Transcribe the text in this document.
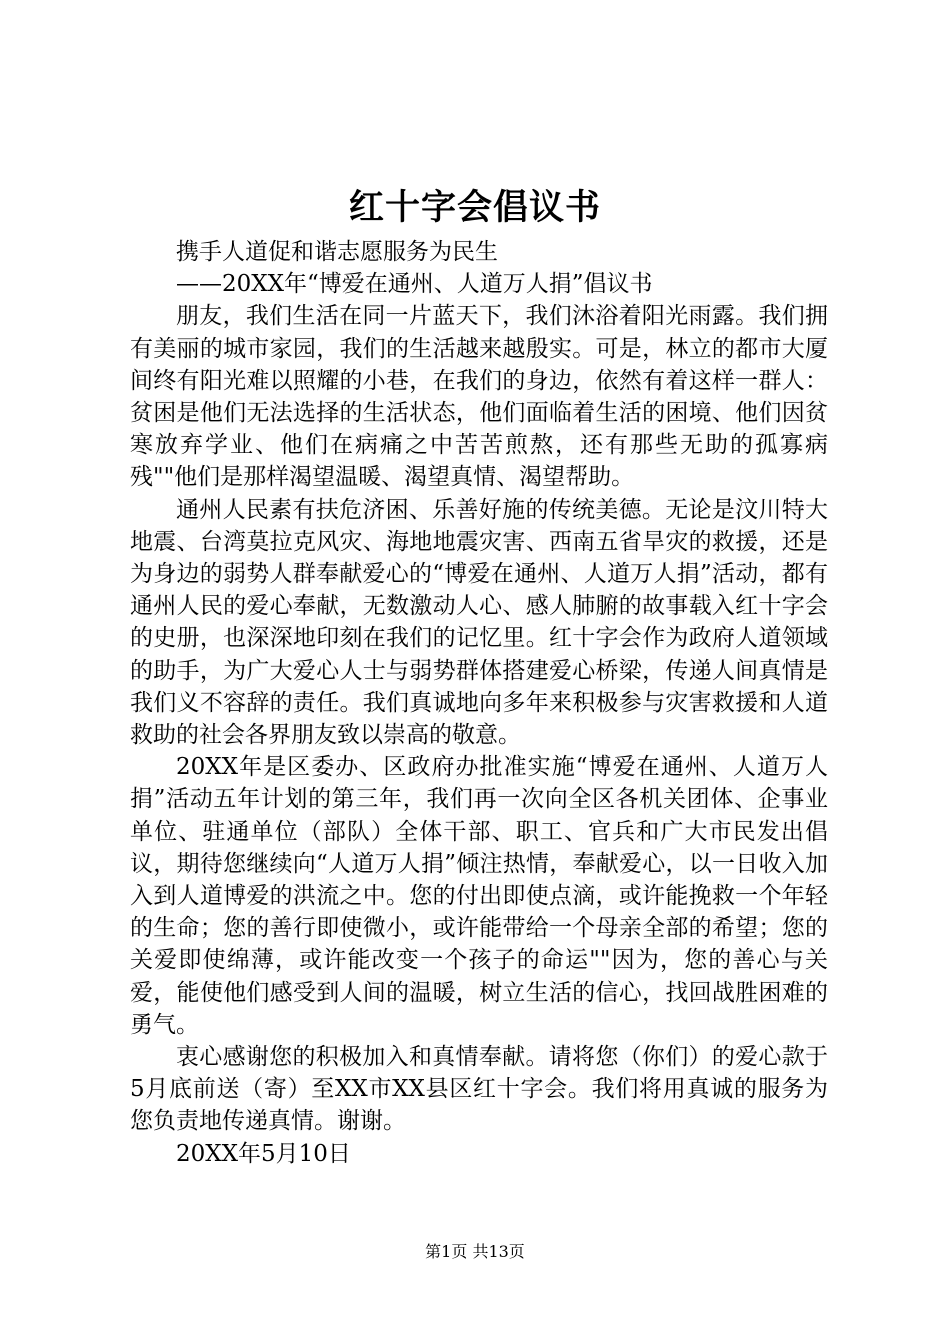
红十字会倡议书

携手人道促和谐志愿服务为民生

——20XX年“博爱在通州、人道万人捐”倡议书

朋友，我们生活在同一片蓝天下，我们沐浴着阳光雨露。我们拥有美丽的城市家园，我们的生活越来越殷实。可是，林立的都市大厦间终有阳光难以照耀的小巷，在我们的身边，依然有着这样一群人：贫困是他们无法选择的生活状态，他们面临着生活的困境、他们因贫寒放弃学业、他们在病痛之中苦苦煎熬，还有那些无助的孤寡病残""他们是那样渴望温暖、渴望真情、渴望帮助。

通州人民素有扶危济困、乐善好施的传统美德。无论是汶川特大地震、台湾莫拉克风灾、海地地震灾害、西南五省旱灾的救援，还是为身边的弱势人群奉献爱心的“博爱在通州、人道万人捐”活动，都有通州人民的爱心奉献，无数激动人心、感人肺腑的故事载入红十字会的史册，也深深地印刻在我们的记忆里。红十字会作为政府人道领域的助手，为广大爱心人士与弱势群体搭建爱心桥梁，传递人间真情是我们义不容辞的责任。我们真诚地向多年来积极参与灾害救援和人道救助的社会各界朋友致以崇高的敬意。

20XX年是区委办、区政府办批准实施“博爱在通州、人道万人捐”活动五年计划的第三年，我们再一次向全区各机关团体、企事业单位、驻通单位（部队）全体干部、职工、官兵和广大市民发出倡议，期待您继续向“人道万人捐”倾注热情，奉献爱心，以一日收入加入到人道博爱的洪流之中。您的付出即使点滴，或许能挽救一个年轻的生命；您的善行即使微小，或许能带给一个母亲全部的希望；您的关爱即使绵薄，或许能改变一个孩子的命运""因为，您的善心与关爱，能使他们感受到人间的温暖，树立生活的信心，找回战胜困难的勇气。

衷心感谢您的积极加入和真情奉献。请将您（你们）的爱心款于5月底前送（寄）至XX市XX县区红十字会。我们将用真诚的服务为您负责地传递真情。谢谢。

20XX年5月10日

第1页 共13页
